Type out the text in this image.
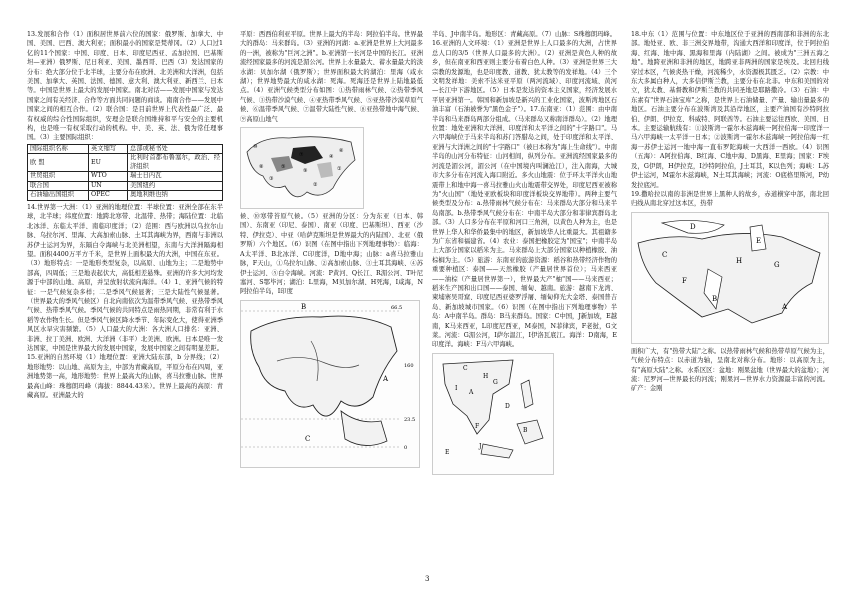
13.发展和合作（1）面积居世界前六位的国家：俄罗斯、加拿大、中国、美国、巴西、澳大利亚；面积最小的国家是梵蒂冈。（2）人口过1亿的11个国家：中国、印度、日本、印度尼西亚、孟加拉国、巴基斯坦—亚洲）俄罗斯、尼日利亚、美国、墨西哥、巴西（3）发达国家的分布：绝大部分位于北半球，主要分布在欧洲、北美洲和大洋洲，包括美国、加拿大、英国、法国、德国、意大利、澳大利亚、新西兰、日本等。中国是世界上最大的发展中国家。南北对话——发展中国家与发达国家之间有关经济、合作等方面共同问题的商谈。南南合作——发展中国家之间的相互合作。（2）联合国：是目前世界上代表性最广泛、最有权威的综合性国际组织，安理会是联合国维持和平与安全的主要机构，也是唯一有权采取行动的机构。中、美、英、法、俄为常任理事国。（3）主要国际组织：

国际组织名称	英文缩写	总部或秘书处
欧 盟	EU	比利时首都布鲁塞尔，政治、经济组织
世贸组织	WTO	瑞士日内瓦
联合国	UN	美国纽约
石油输出国组织	OPEC	奥地利维也纳

14.世界第一大洲：（1）亚洲的地理位置：半球位置：亚洲全部在东半球，北半球；纬度位置：地跨北寒带、北温带、热带；海陆位置：北临北冰洋、东临太平洋、南临印度洋；（2）范围：西与欧洲以乌拉尔山脉、乌拉尔河、里海、大高加索山脉、土耳其海峡为界，西南与非洲以苏伊士运河为界，东隔白令海峡与北美洲相望，东南与大洋洲隔海相望。面积4400万平方千米，是世界上面积最大的大洲，中国在东亚。（3）地形特点：一是地形类型复杂，以高原、山地为主；二是地势中部高，四周低；三是地表起伏大，高低相差悬殊。亚洲的许多大河均发源于中部的山地、高原，并呈放射状流向海洋。（4）1、亚洲气候的特征：一是气候复杂多样；二是季风气候显著；三是大陆性气候显著。（世界最大的季风气候区）自北向南依次为温带季风气候、亚热带季风气候、热带季风气候。季风气候的共同特点是雨热同期，非常有利于水稻等农作物生长。但是季风气候区降水季节、年际变化大，使得亚洲季风区水旱灾害频繁。（5）人口最大的大洲：各大洲人口排名：亚洲、非洲、拉丁美洲、欧洲、大洋洲（非平）北美洲、欧洲。日本是唯一发达国家，中国是世界最大的发展中国家，发展中国家之间有明显差距。15.亚洲的自然环境（1）地理位置：亚洲大陆东部，b 分界线；（2）地形地势：以山地、高原为主，中部为青藏高原，平原分布在四周，亚洲地势第一高，地形地势：世界上最高大的山脉，喜马拉雅山脉。世界最高山峰：珠穆朗玛峰（海拔：8844.43米）。世界上最高的高原：青藏高原。亚洲最大的

平原：西西伯利亚平原。世界上最大的半岛：阿拉伯半岛。世界最大的群岛：马来群岛。（3）亚洲的河湖：a.亚洲是世界上大河最多的一洲，被称为"巨河之洲"。b.亚洲第一长河是中国的长江。亚洲流经国家最多的河流是湄公河。世界上水量最大、蓄水量最大的淡水湖：贝加尔湖（俄罗斯）；世界面积最大的湖泊：里海（咸水湖）；世界地势最大的咸水湖：死海。死海还是世界上陆地最低点。（4）亚洲气候类型分布如图：①热带雨林气候、②热带季风气候、③热带沙漠气候、④亚热带季风气候、⑤亚热带沙漠草原气候、⑥温带季风气候、⑦温带大陆性气候、⑧亚热带地中海气候、⑨高原山地气

⑩
①
②
③
④
⑤
⑥
⑦
⑧
⑨

候、⑩寒带苔原气候。（5）亚洲的分区：分为东亚（日本、韩国）、东南亚（印尼、泰国）、南亚（印度、巴基斯坦）、西亚（沙特、伊拉克）、中亚（哈萨克斯坦是世界最大的内陆国）、北亚（俄罗斯）六个地区。（6）识图（在图中指出下列地理事物）：临海：A太平洋、B北冰洋、C印度洋，D地中海；山脉：a喜马拉雅山脉，F天山，①乌拉尔山脉、②高加索山脉、③土耳其海峡、④苏伊士运河、⑤白令海峡。河流：P黄河、Q长江、R湄公河、T叶尼塞河、S鄂毕河；湖泊：L里海，M贝加尔湖、H死海，I咸海，N阿拉伯半岛，I印度

A
B
C
66.5
160
23.5
0

半岛、J中南半岛。地形区：青藏高原。（7）山脉：S珠穆朗玛峰。

16.亚洲的人文环境：（1）亚洲是世界上人口最多的大洲，占世界总人口的3/5（世界人口最多的大洲）。（2）亚洲是黄色人种的故乡，但在南亚和西亚则主要分布着白色人种。（3）亚洲是世界三大宗教的发源地，也是印度教、道教、犹太教等的发祥地。（4）三个文明发祥地：美索不达米亚平原（两河流域）、印度河流域、黄河—长江中下游地区。（5）日本是发达的资本主义国家，经济发展水平居亚洲第一。韩国和新加坡是新兴的工业化国家，波斯湾地区石油丰富（石油被誉为"黑色金子"）。17.东南亚：（1）范围：由中南半岛和马来群岛两部分组成。（马来群岛又称南洋群岛）。（2）地理位置：地处亚洲和大洋洲、印度洋和太平洋之间的"十字路口"。马六甲海峡位于马来半岛和苏门答腊岛之间，处于印度洋和太平洋、亚洲与大洋洲之间的"十字路口"（被日本称为"海上生命线"）。中南半岛的山河分布特征：山河相间，纵列分布。亚洲流经国家最多的河流是湄公河，湄公河（在中国境内叫澜沧江），注入南海，大城市大多分布在河流入海口附近。多火山地震：位于环太平洋火山地震带上和地中海一喜马拉雅山火山地震带交界处，印度尼西亚被称为"火山国"（地处亚欧板块和印度洋板块交界地带）。两种主要气候类型及分布：a.热带雨林气候分布在：马来群岛大部分和马来半岛南部。b.热带季风气候分布在：中南半岛大部分和菲律宾群岛北部。（3）人口多分布在平原和河口三角洲，以黄色人种为主，也是世界上华人和华侨最集中的地区，新加坡华人比重最大。其祖籍多为广东省和福建省。（4）农业：泰国把橡胶定为"国宝"；中南半岛上大部分国家以稻米为主。马来群岛上大部分国家以种植橡胶、油棕榈为主。（5）旅游：东南亚的旅游资源：稻谷和热带经济作物的重要种植区：泰国——天然橡胶（产量居世界首位）；马来西亚——油棕（产量居世界第一），世界最大产"柚"国——马来西亚；稻米生产国和出口国——泰国、缅甸、越南。旅游：越南下龙湾、柬埔寨吴哥窟、印度尼西亚婆罗浮屠、缅甸仰光大金塔、泰国普吉岛、新加坡城市国家。（6）识图（在图中指出下列地理事物）半岛：A中南半岛。群岛：B马来群岛。国家：C中国，J新加坡，E越南，K马来西亚，L印度尼西亚，M泰国，N菲律宾，F老挝，G文莱。河流：G湄公河，I萨尔温江，I伊洛瓦底江。海洋：D南海，E印度洋。海峡：F马六甲海峡。

A
B
C
D
E
F
G
H
I
J

18.中东（1）范围与位置：中东地区位于亚洲的西南部和非洲的东北部。地处亚、欧、非三洲交界地带，沟通大西洋和印度洋，位于阿拉伯海、红海、地中海、黑海和里海（内陆湖）之间。被成为"三洲五海之地"。地跨亚洲和非洲的地区，地跨亚非两洲的国家是埃及。北回归线穿过本区，气候炎热干燥，河流稀少，水资源极其匮乏。（2）宗教：中东大多属白种人，大多信伊斯兰教，主要分布在北非。中东和美国的对立，犹太教、基督教和伊斯兰教的共同圣地是耶路撒冷。（3）石油：中东素有"世界石油宝库"之称，是世界上石油储量、产量、输出量最多的地区。石油主要分布在波斯湾及其沿岸地区，主要产油国有沙特阿拉伯、伊朗、伊拉克、科威特、阿联酋等。石油主要运往西欧、美国、日本。主要运输航线有：①波斯湾一霍尔木兹海峡一阿拉伯海一印度洋一马六甲海峡一太平洋一日本；②波斯湾一霍尔木兹海峡一阿拉伯海一红海一苏伊士运河一地中海一直布罗陀海峡一大西洋一西欧。（4）识图（五海）：A阿拉伯海、B红海、C地中海、D黑海、E里海；国家：F埃及，G伊朗，H伊拉克，I沙特阿拉伯，J土耳其，K以色列；海峡：L苏伊士运河，M霍尔木兹海峡，N土耳其海峡；河流：O底格里斯河，P幼发拉底河。

19.撒哈拉以南的非洲是世界上黑种人的故乡，赤道横穿中部，南北回归线从南北穿过这本区，热带

A
B
C
D
E
F
G
H

面积广大，有"热带大陆"之称。以热带雨林气候和热带草原气候为主，气候分布特点：以赤道为轴，呈南北对称分布。地形：以高原为主，有"高原大陆"之称。水系区区：盆地：刚果盆地（世界最大的盆地）；河流：尼罗河—世界最长的河流；刚果河—世界水力资源最丰富的河流。矿产：金刚

3
